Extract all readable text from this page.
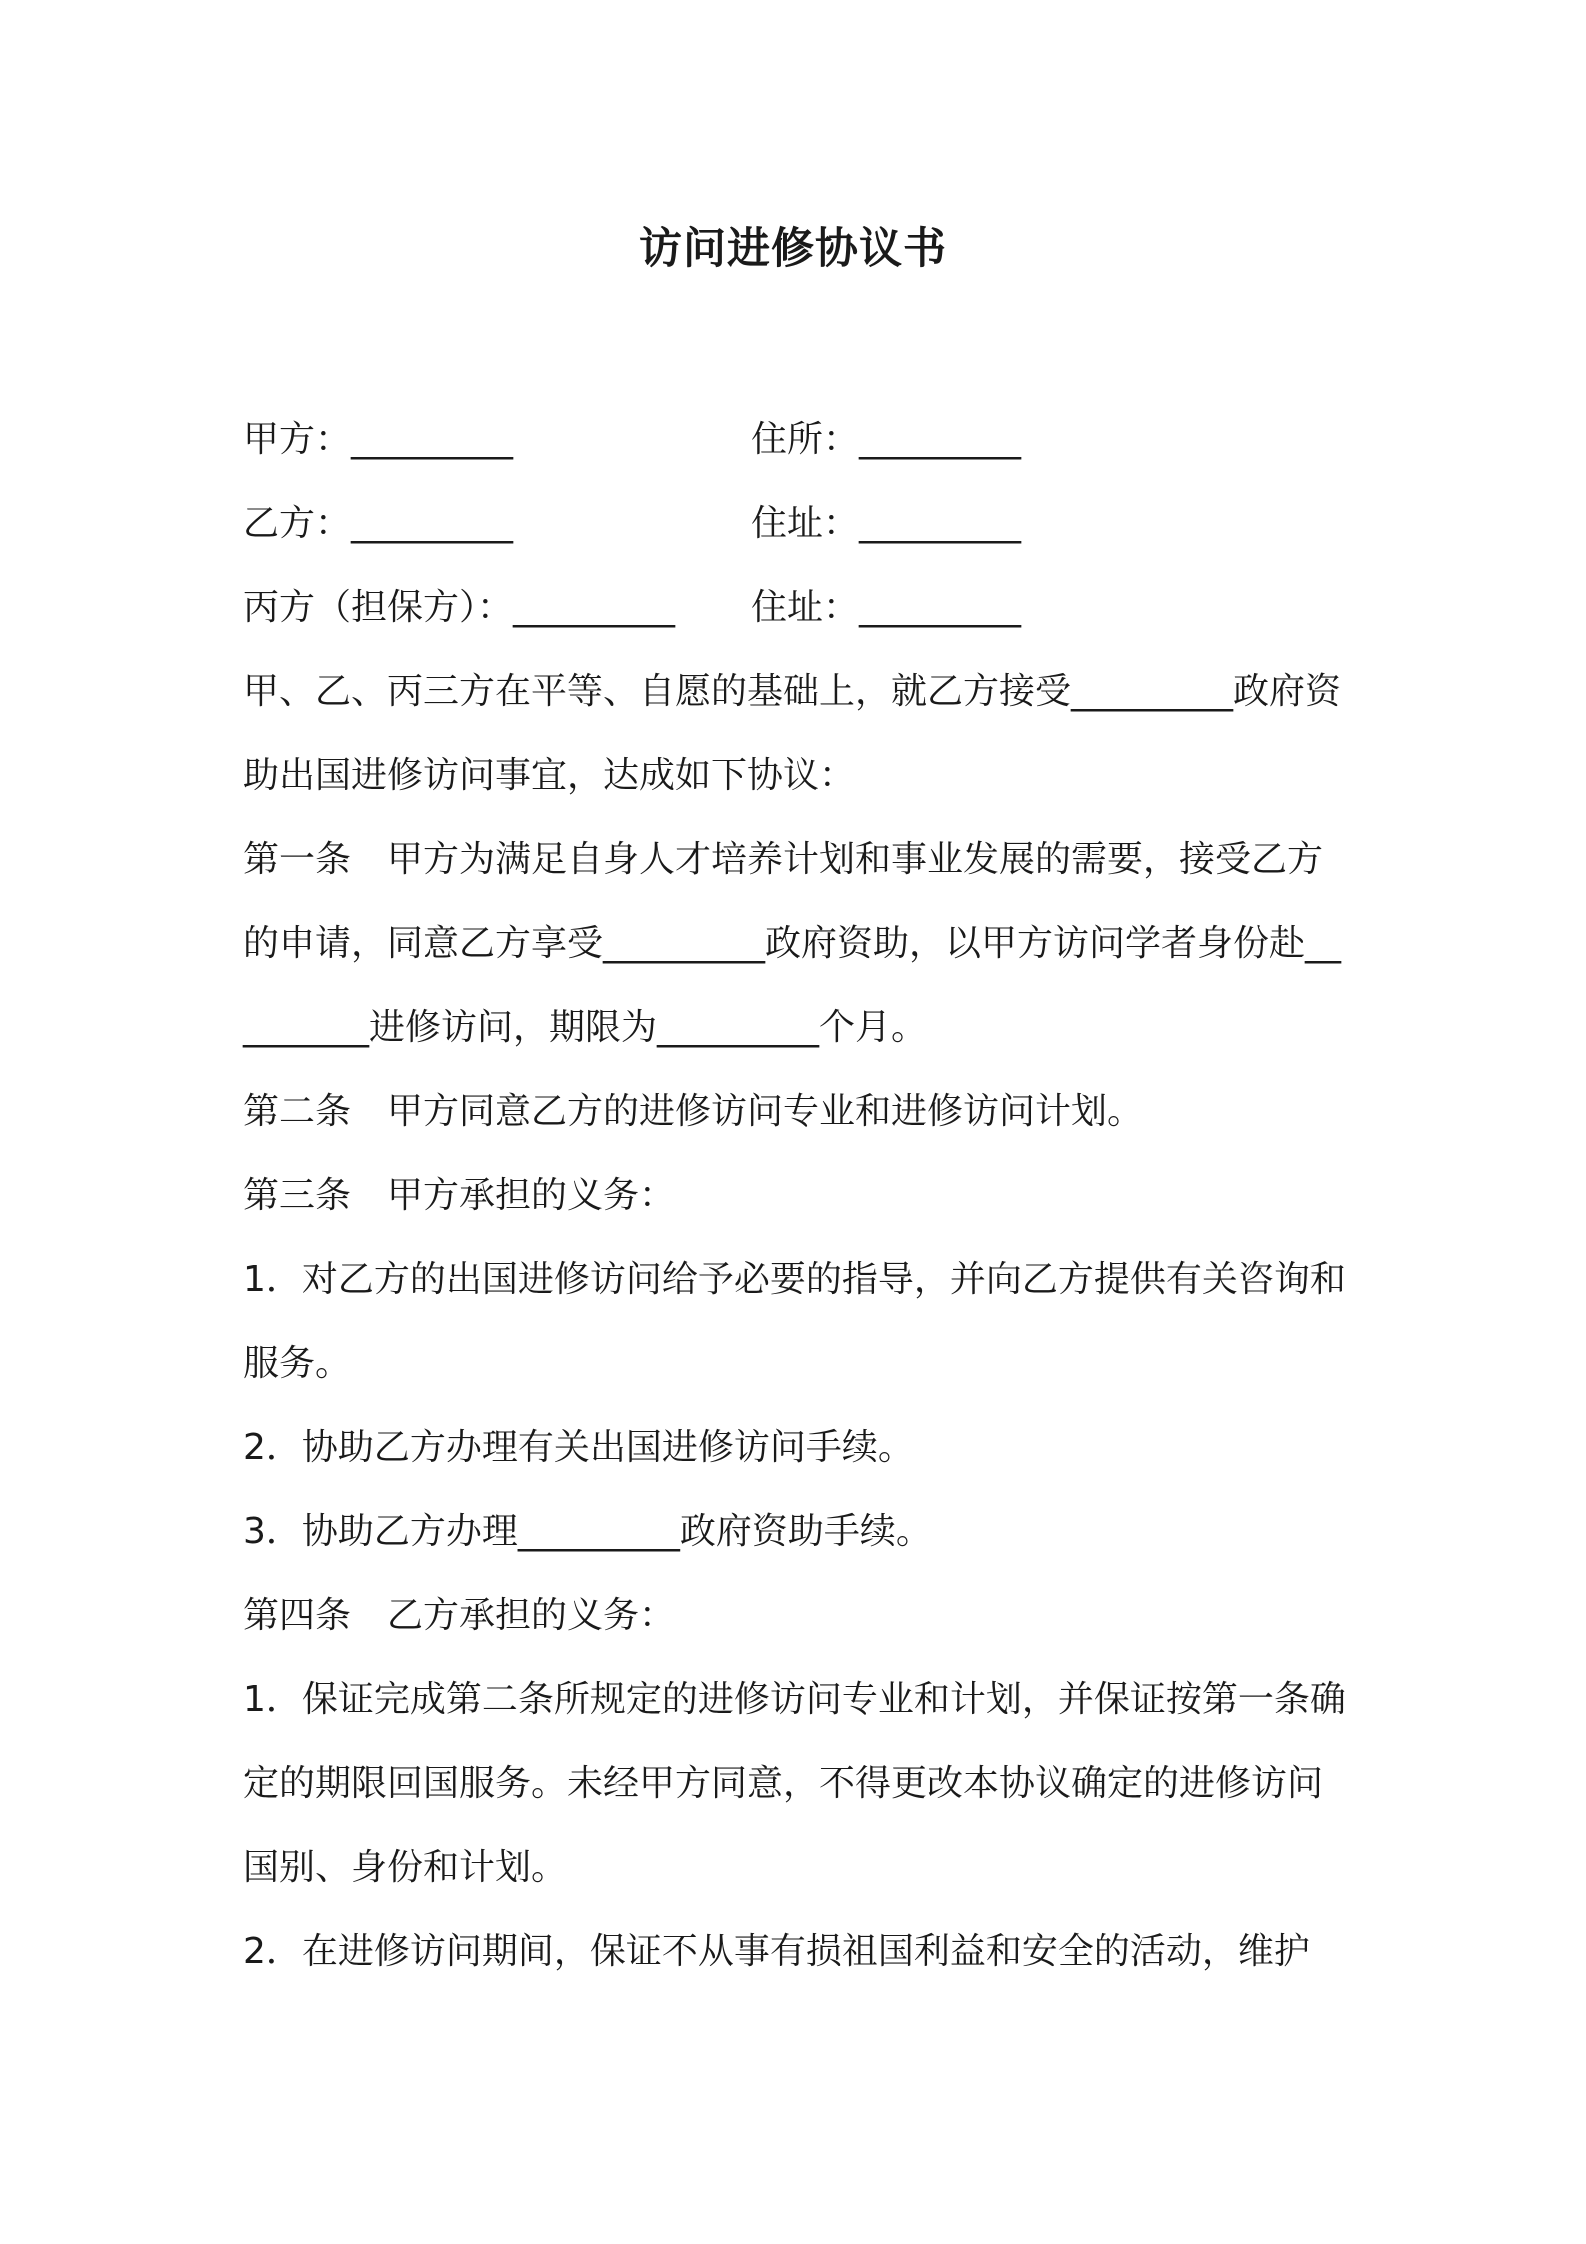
访问进修协议书
甲方：_________	住所：_________
乙方：_________	住址：_________
丙方（担保方）：_________ 住址：_________

甲、乙、丙三方在平等、自愿的基础上，就乙方接受_________政府资助出国进修访问事宜，达成如下协议：

第一条　甲方为满足自身人才培养计划和事业发展的需要，接受乙方的申请，同意乙方享受_________政府资助，以甲方访问学者身份赴_________进修访问，期限为_________个月。

第二条　甲方同意乙方的进修访问专业和进修访问计划。

第三条　甲方承担的义务：

1．对乙方的出国进修访问给予必要的指导，并向乙方提供有关咨询和服务。

2．协助乙方办理有关出国进修访问手续。

3．协助乙方办理_________政府资助手续。

第四条　乙方承担的义务：

1．保证完成第二条所规定的进修访问专业和计划，并保证按第一条确定的期限回国服务。未经甲方同意，不得更改本协议确定的进修访问国别、身份和计划。

2．在进修访问期间，保证不从事有损祖国利益和安全的活动，维护
